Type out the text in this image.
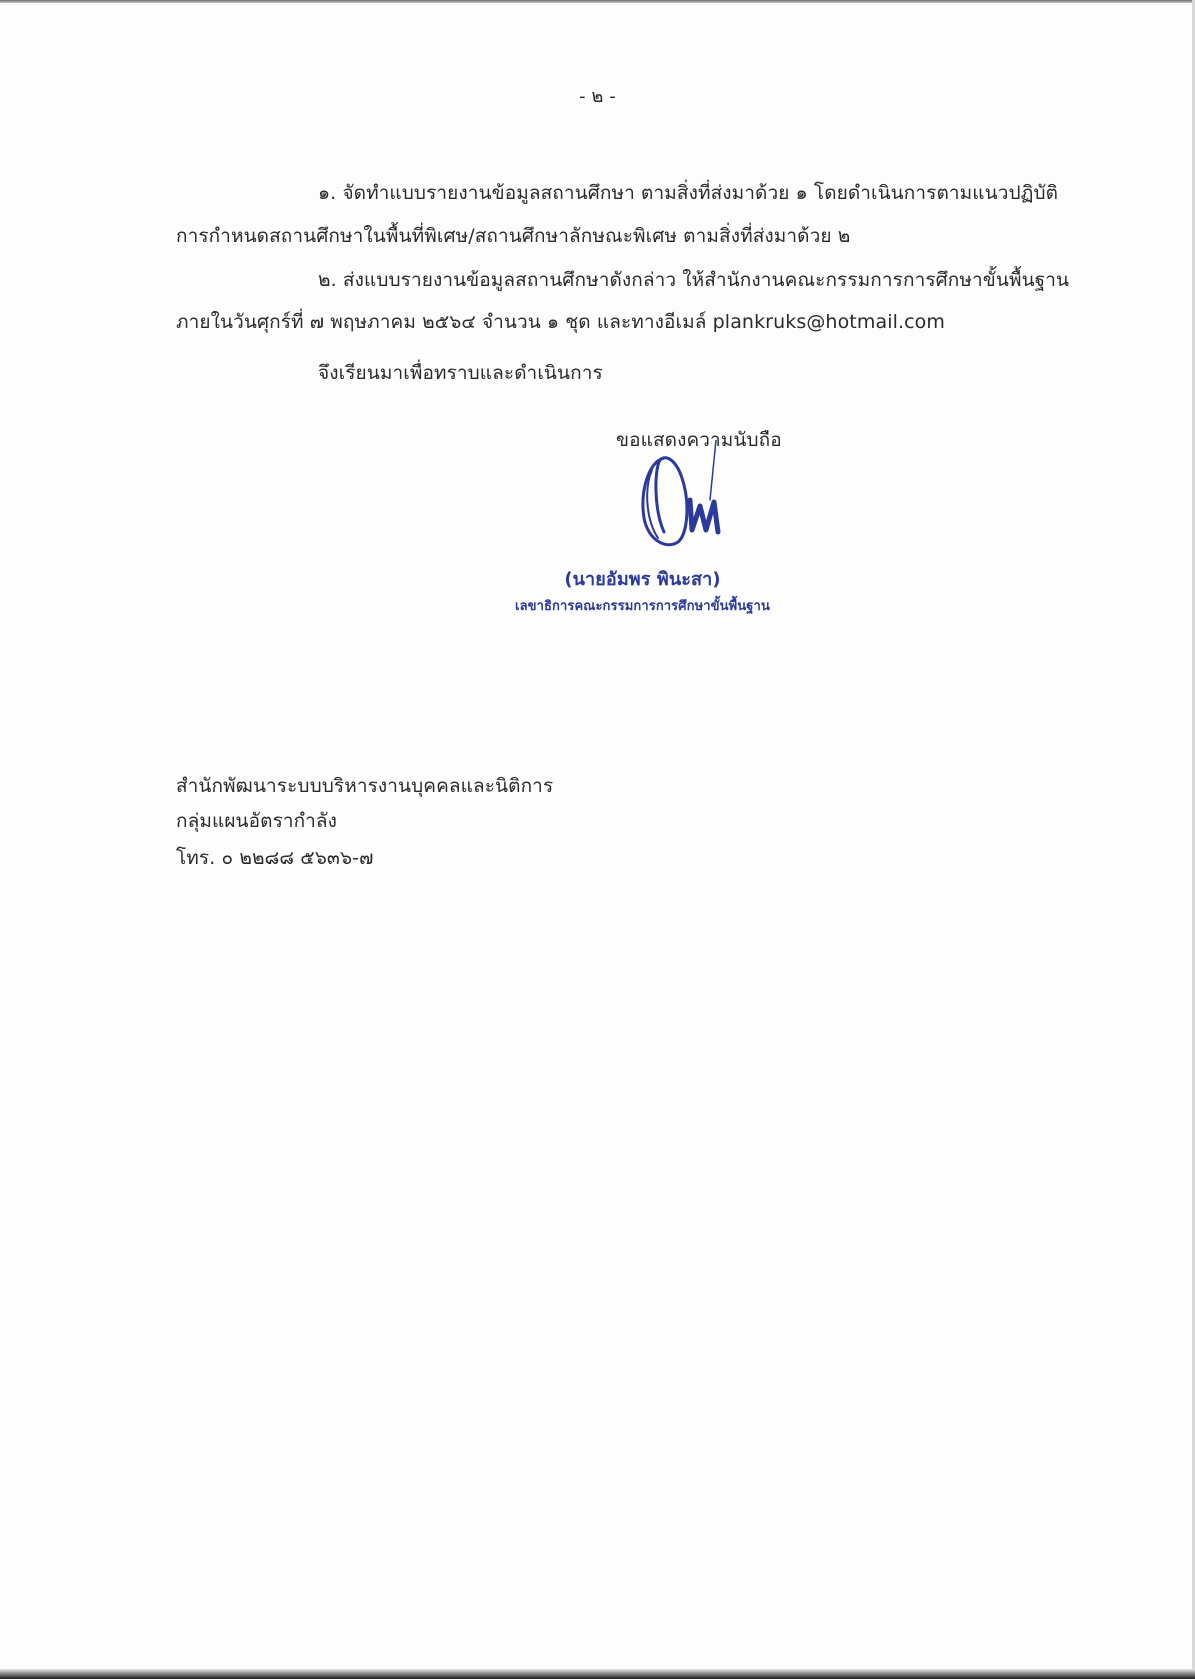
- ๒ -
๑. จัดทำแบบรายงานข้อมูลสถานศึกษา ตามสิ่งที่ส่งมาด้วย ๑ โดยดำเนินการตามแนวปฏิบัติ
การกำหนดสถานศึกษาในพื้นที่พิเศษ/สถานศึกษาลักษณะพิเศษ ตามสิ่งที่ส่งมาด้วย ๒
๒. ส่งแบบรายงานข้อมูลสถานศึกษาดังกล่าว ให้สำนักงานคณะกรรมการการศึกษาขั้นพื้นฐาน
ภายในวันศุกร์ที่ ๗ พฤษภาคม ๒๕๖๔ จำนวน ๑ ชุด และทางอีเมล์ plankruks@hotmail.com
จึงเรียนมาเพื่อทราบและดำเนินการ
ขอแสดงความนับถือ
(นายอัมพร พินะสา)
เลขาธิการคณะกรรมการการศึกษาขั้นพื้นฐาน
สำนักพัฒนาระบบบริหารงานบุคคลและนิติการ
กลุ่มแผนอัตรากำลัง
โทร. ๐ ๒๒๘๘ ๕๖๓๖-๗
